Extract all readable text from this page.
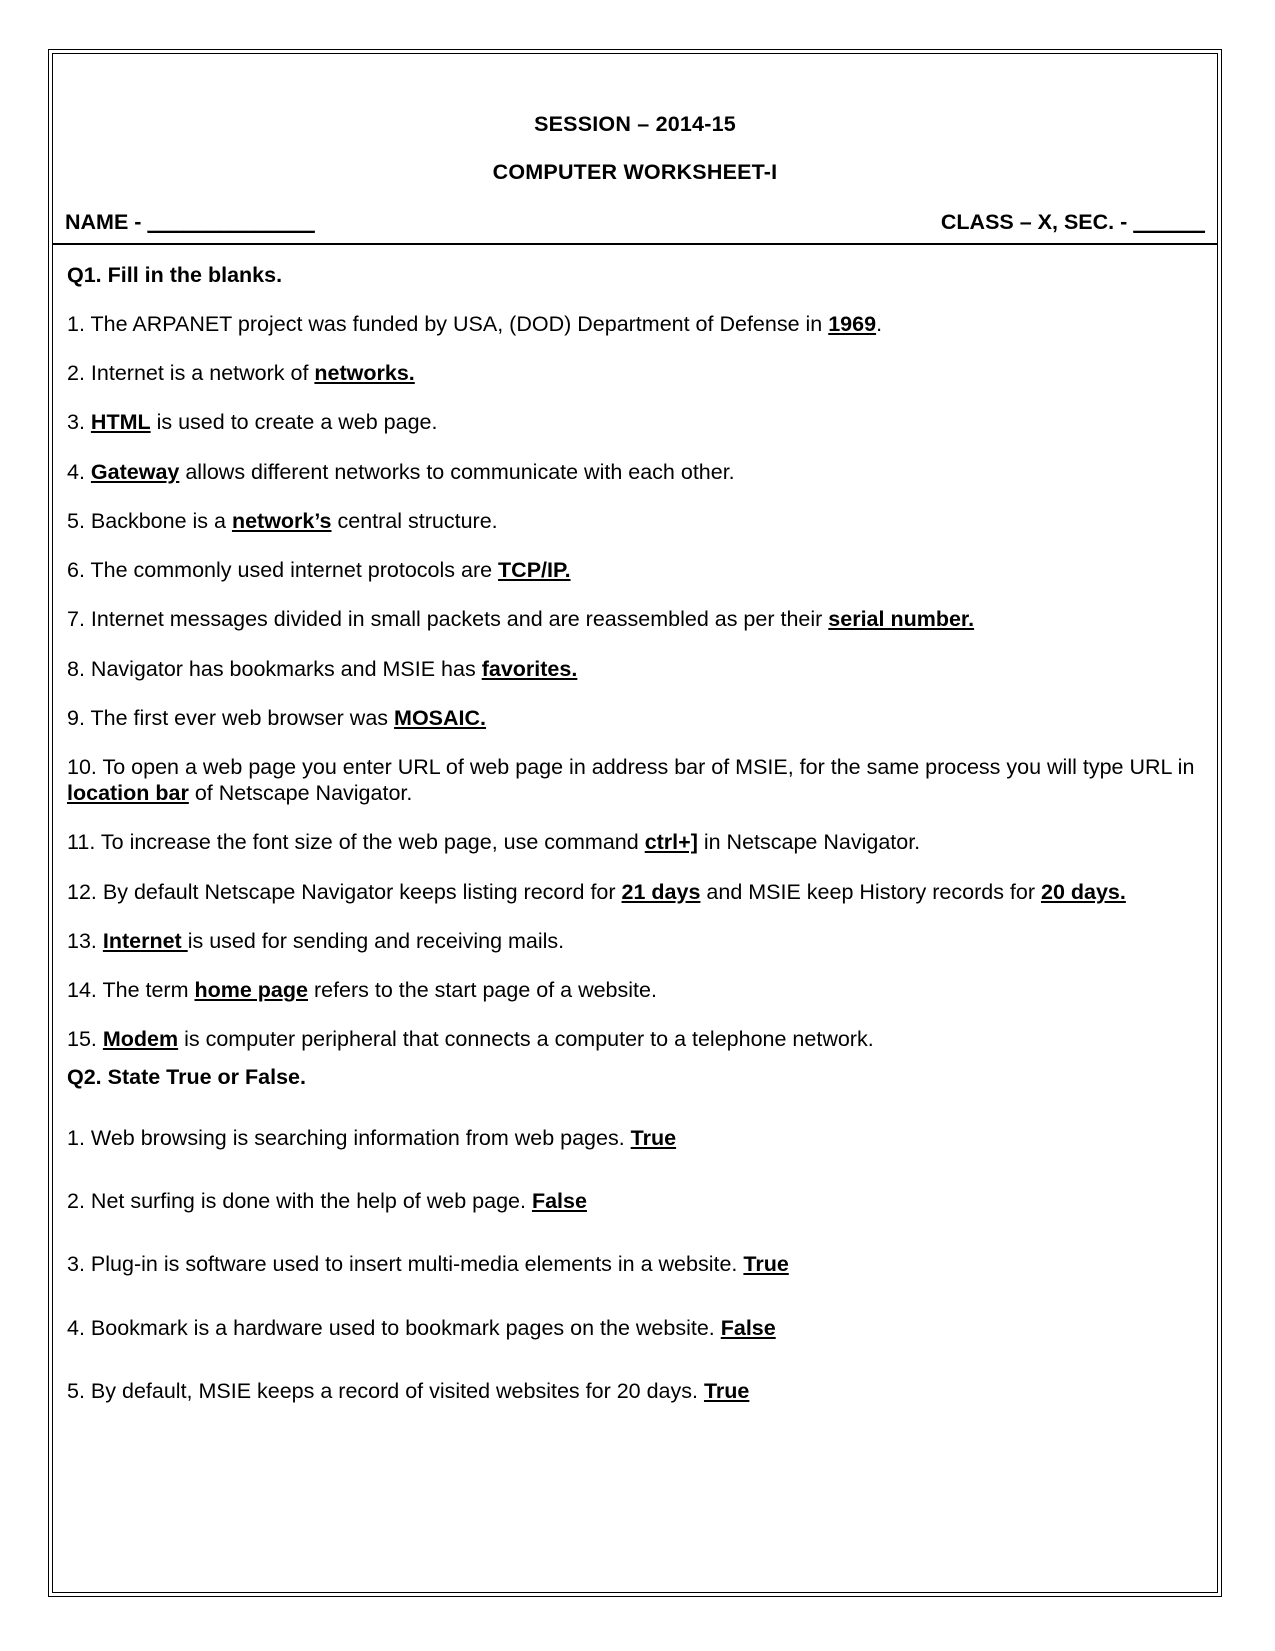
SESSION – 2014-15
COMPUTER WORKSHEET-I
NAME - ______________	CLASS – X, SEC. - ______
Q1. Fill in the blanks.
1. The ARPANET project was funded by USA, (DOD) Department of Defense in 1969.
2. Internet is a network of networks.
3. HTML is used to create a web page.
4. Gateway allows different networks to communicate with each other.
5. Backbone is a network’s central structure.
6. The commonly used internet protocols are TCP/IP.
7. Internet messages divided in small packets and are reassembled as per their serial number.
8. Navigator has bookmarks and MSIE has favorites.
9. The first ever web browser was MOSAIC.
10. To open a web page you enter URL of web page in address bar of MSIE, for the same process you will type URL in location bar of Netscape Navigator.
11. To increase the font size of the web page, use command ctrl+] in Netscape Navigator.
12. By default Netscape Navigator keeps listing record for 21 days and MSIE keep History records for 20 days.
13. Internet is used for sending and receiving mails.
14. The term home page refers to the start page of a website.
15. Modem is computer peripheral that connects a computer to a telephone network.
Q2. State True or False.
1. Web browsing is searching information from web pages. True
2. Net surfing is done with the help of web page. False
3. Plug-in is software used to insert multi-media elements in a website. True
4. Bookmark is a hardware used to bookmark pages on the website. False
5. By default, MSIE keeps a record of visited websites for 20 days. True
